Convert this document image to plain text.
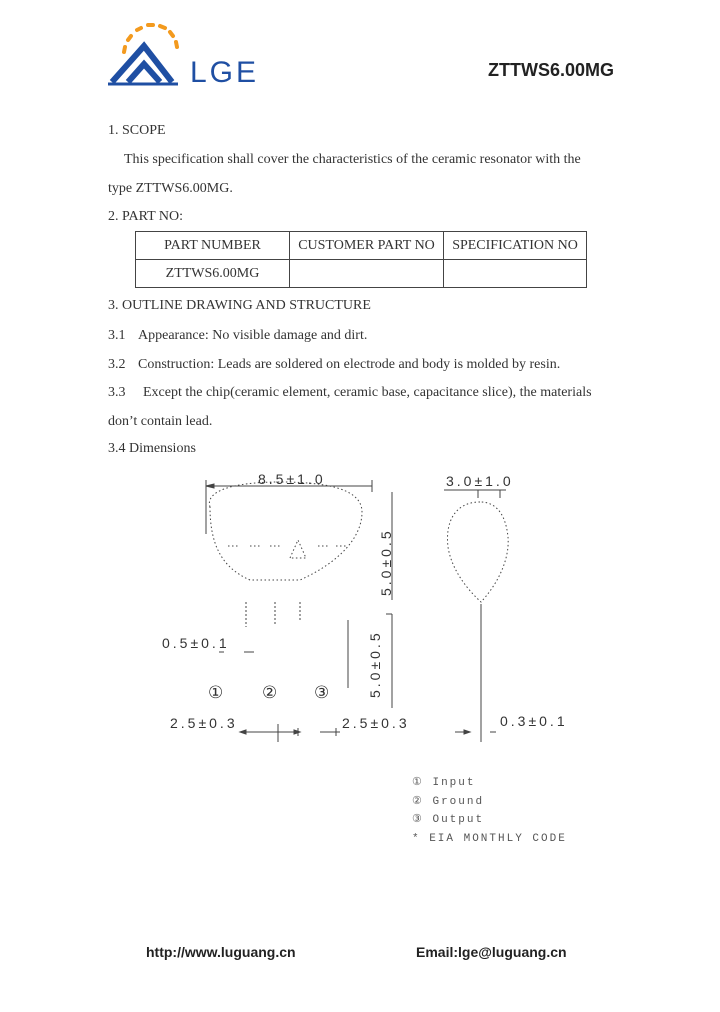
LGE	ZTTWS6.00MG
1. SCOPE
This specification shall cover the characteristics of the ceramic resonator with the
type ZTTWS6.00MG.
2. PART NO:
PART NUMBER	CUSTOMER PART NO	SPECIFICATION NO
ZTTWS6.00MG		
3. OUTLINE DRAWING AND STRUCTURE
3.1 Appearance: No visible damage and dirt.
3.2 Construction: Leads are soldered on electrode and body is molded by resin.
3.3 Except the chip(ceramic element, ceramic base, capacitance slice), the materials
don’t contain lead.
3.4 Dimensions
8.5±1.0
5.0±0.5
5.0±0.5
0.5±0.1
2.5±0.3	2.5±0.3
3.0±1.0
0.3±0.1
① ② ③
① Input
② Ground
③ Output
* EIA MONTHLY CODE
http://www.luguang.cn	Email:lge@luguang.cn
